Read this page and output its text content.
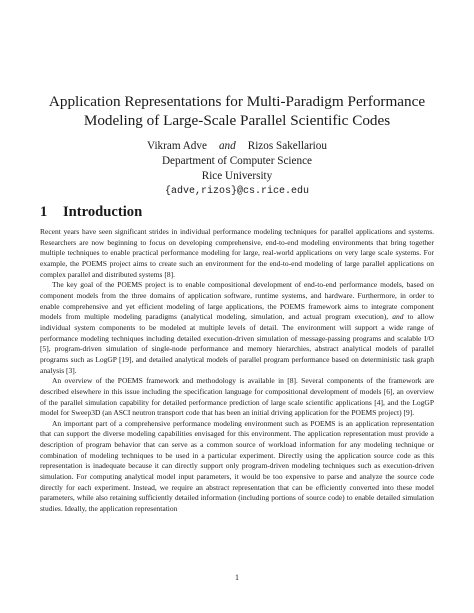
Application Representations for Multi-Paradigm Performance
Modeling of Large-Scale Parallel Scientific Codes
Vikram Adve and Rizos Sakellariou
Department of Computer Science
Rice University
{adve,rizos}@cs.rice.edu
1 Introduction

Recent years have seen significant strides in individual performance modeling techniques for parallel applications and systems. Researchers are now beginning to focus on developing comprehensive, end-to-end modeling environments that bring together multiple techniques to enable practical performance modeling for large, real-world applications on very large scale systems. For example, the POEMS project aims to create such an environment for the end-to-end modeling of large parallel applications on complex parallel and distributed systems [8].

The key goal of the POEMS project is to enable compositional development of end-to-end performance models, based on component models from the three domains of application software, runtime systems, and hardware. Furthermore, in order to enable comprehensive and yet efficient modeling of large applications, the POEMS framework aims to integrate component models from multiple modeling paradigms (analytical modeling, simulation, and actual program execution), and to allow individual system components to be modeled at multiple levels of detail. The environment will support a wide range of performance modeling techniques including detailed execution-driven simulation of message-passing programs and scalable I/O [5], program-driven simulation of single-node performance and memory hierarchies, abstract analytical models of parallel programs such as LogGP [19], and detailed analytical models of parallel program performance based on deterministic task graph analysis [3].

An overview of the POEMS framework and methodology is available in [8]. Several components of the framework are described elsewhere in this issue including the specification language for compositional development of models [6], an overview of the parallel simulation capability for detailed performance prediction of large scale scientific applications [4], and the LogGP model for Sweep3D (an ASCI neutron transport code that has been an initial driving application for the POEMS project) [9].

An important part of a comprehensive performance modeling environment such as POEMS is an application representation that can support the diverse modeling capabilities envisaged for this environment. The application representation must provide a description of program behavior that can serve as a common source of workload information for any modeling technique or combination of modeling techniques to be used in a particular experiment. Directly using the application source code as this representation is inadequate because it can directly support only program-driven modeling techniques such as execution-driven simulation. For computing analytical model input parameters, it would be too expensive to parse and analyze the source code directly for each experiment. Instead, we require an abstract representation that can be efficiently converted into these model parameters, while also retaining sufficiently detailed information (including portions of source code) to enable detailed simulation studies. Ideally, the application representation

1
